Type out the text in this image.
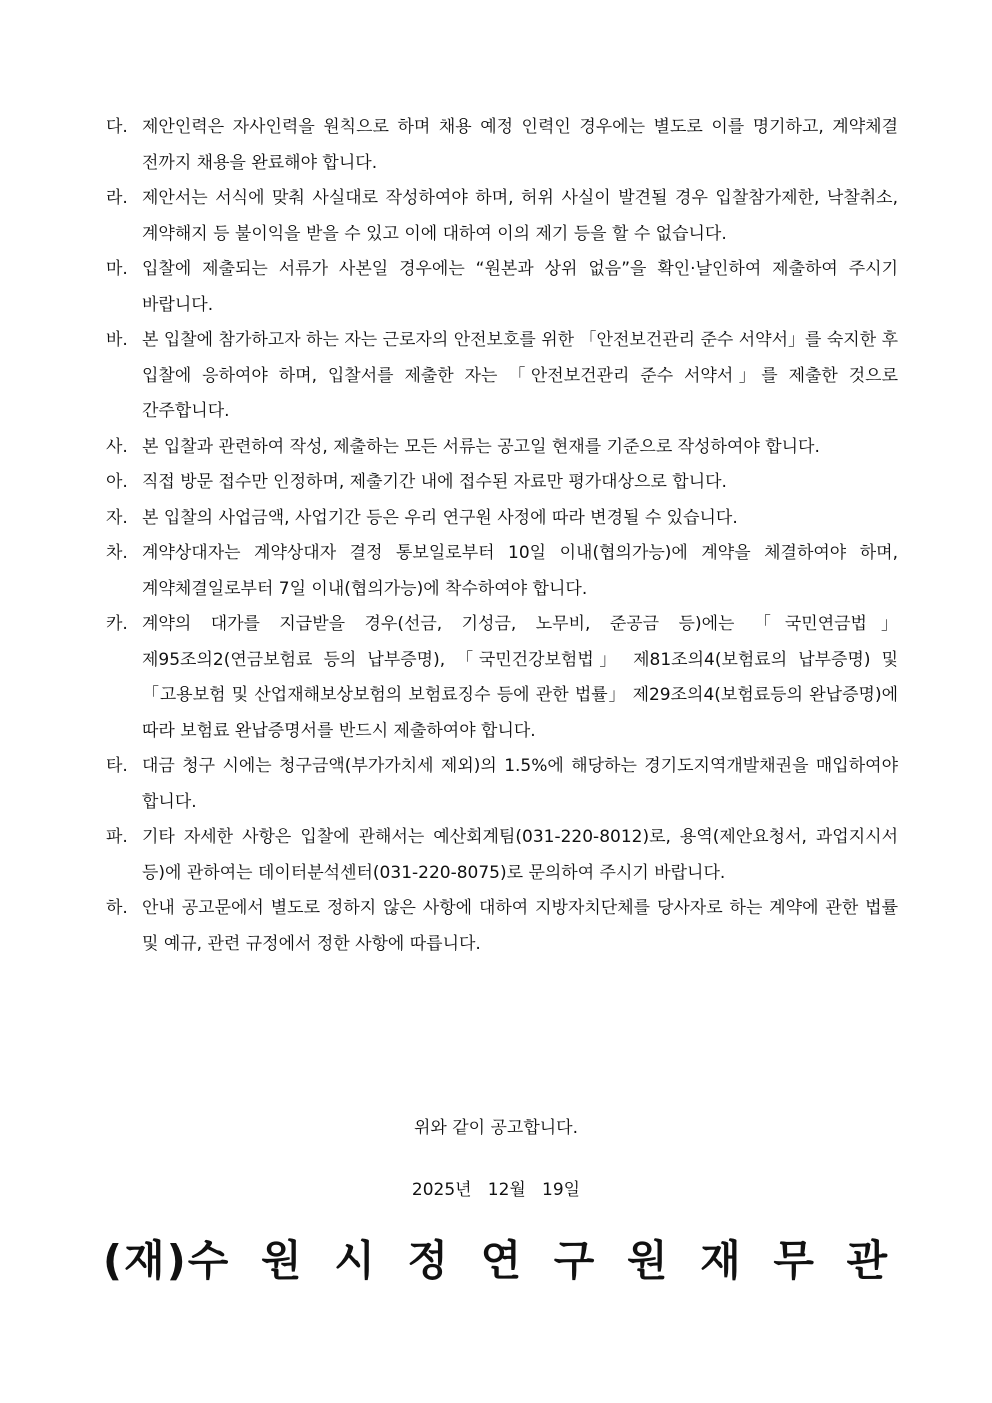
다. 제안인력은 자사인력을 원칙으로 하며 채용 예정 인력인 경우에는 별도로 이를 명기하고, 계약체결 전까지 채용을 완료해야 합니다.
라. 제안서는 서식에 맞춰 사실대로 작성하여야 하며, 허위 사실이 발견될 경우 입찰참가제한, 낙찰취소, 계약해지 등 불이익을 받을 수 있고 이에 대하여 이의 제기 등을 할 수 없습니다.
마. 입찰에 제출되는 서류가 사본일 경우에는 “원본과 상위 없음”을 확인·날인하여 제출하여 주시기 바랍니다.
바. 본 입찰에 참가하고자 하는 자는 근로자의 안전보호를 위한 「안전보건관리 준수 서약서」를 숙지한 후 입찰에 응하여야 하며, 입찰서를 제출한 자는 「안전보건관리 준수 서약서」를 제출한 것으로 간주합니다.
사. 본 입찰과 관련하여 작성, 제출하는 모든 서류는 공고일 현재를 기준으로 작성하여야 합니다.
아. 직접 방문 접수만 인정하며, 제출기간 내에 접수된 자료만 평가대상으로 합니다.
자. 본 입찰의 사업금액, 사업기간 등은 우리 연구원 사정에 따라 변경될 수 있습니다.
차. 계약상대자는 계약상대자 결정 통보일로부터 10일 이내(협의가능)에 계약을 체결하여야 하며, 계약체결일로부터 7일 이내(협의가능)에 착수하여야 합니다.
카. 계약의 대가를 지급받을 경우(선금, 기성금, 노무비, 준공금 등)에는 「국민연금법」 제95조의2(연금보험료 등의 납부증명), 「국민건강보험법」 제81조의4(보험료의 납부증명) 및 「고용보험 및 산업재해보상보험의 보험료징수 등에 관한 법률」 제29조의4(보험료등의 완납증명)에 따라 보험료 완납증명서를 반드시 제출하여야 합니다.
타. 대금 청구 시에는 청구금액(부가가치세 제외)의 1.5%에 해당하는 경기도지역개발채권을 매입하여야 합니다.
파. 기타 자세한 사항은 입찰에 관해서는 예산회계팀(031-220-8012)로, 용역(제안요청서, 과업지시서 등)에 관하여는 데이터분석센터(031-220-8075)로 문의하여 주시기 바랍니다.
하. 안내 공고문에서 별도로 정하지 않은 사항에 대하여 지방자치단체를 당사자로 하는 계약에 관한 법률 및 예규, 관련 규정에서 정한 사항에 따릅니다.
위와 같이 공고합니다.
2025년   12월   19일
(재)수 원 시 정 연 구 원 재 무 관
